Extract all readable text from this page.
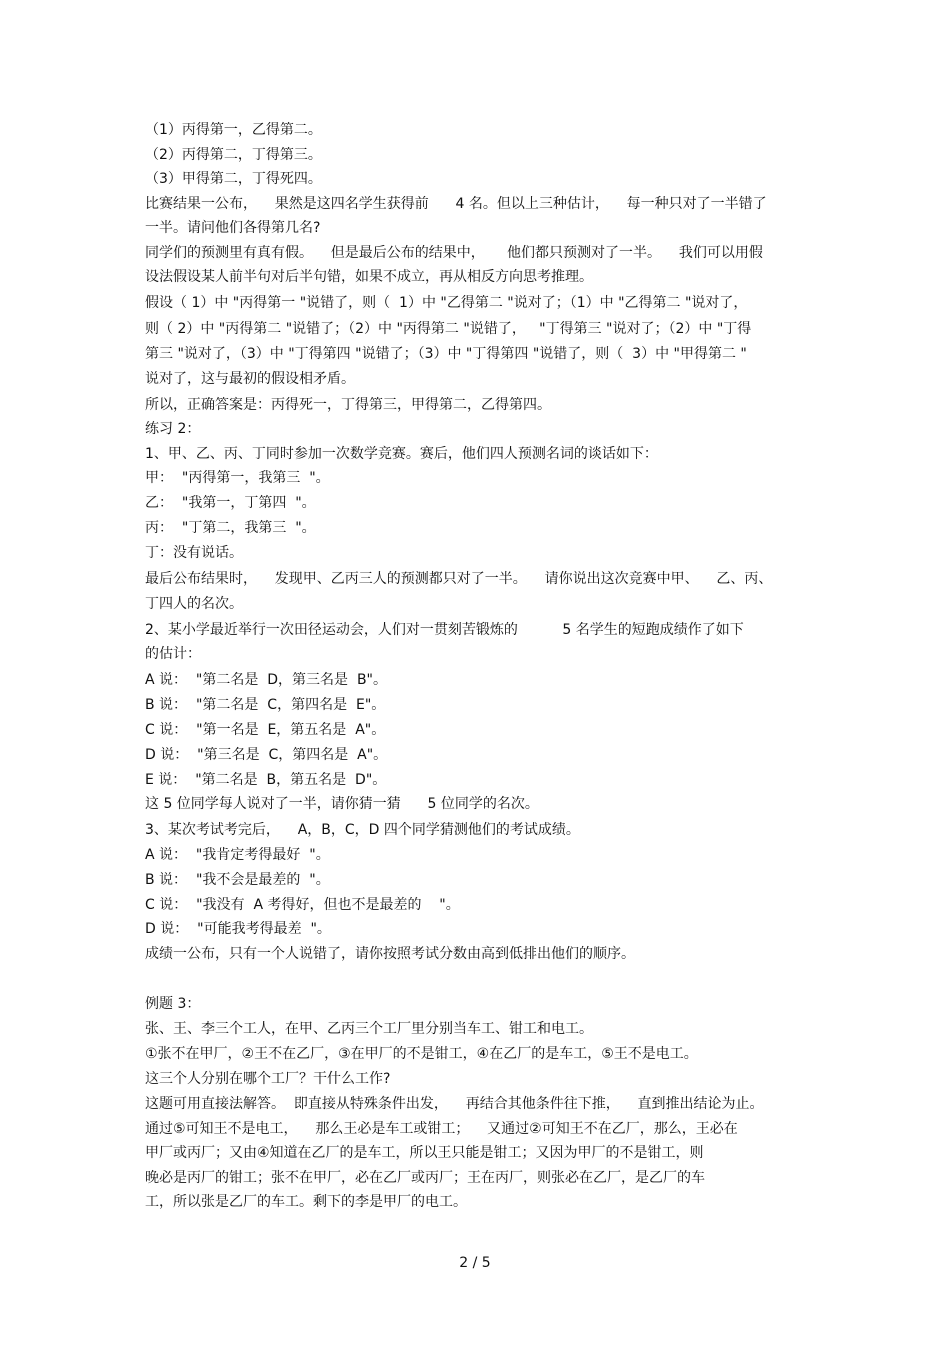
（1）丙得第一，乙得第二。
（2）丙得第二，丁得第三。
（3）甲得第二，丁得死四。
比赛结果一公布，    果然是这四名学生获得前      4 名。但以上三种估计，    每一种只对了一半错了
一半。请问他们各得第几名?
同学们的预测里有真有假。    但是最后公布的结果中，     他们都只预测对了一半。    我们可以用假
设法假设某人前半句对后半句错，如果不成立，再从相反方向思考推理。
假设（ 1）中 "丙得第一 "说错了，则（  1）中 "乙得第二 "说对了；（1）中 "乙得第二 "说对了，
则（ 2）中 "丙得第二 "说错了；（2）中 "丙得第二 "说错了，   "丁得第三 "说对了；（2）中 "丁得
第三 "说对了，（3）中 "丁得第四 "说错了；（3）中 "丁得第四 "说错了，则（  3）中 "甲得第二 "
说对了，这与最初的假设相矛盾。
所以，正确答案是：丙得死一，丁得第三，甲得第二，乙得第四。
练习 2：
1、甲、乙、丙、丁同时参加一次数学竞赛。赛后，他们四人预测名词的谈话如下：
甲：  "丙得第一，我第三  "。
乙：  "我第一，丁第四  "。
丙：  "丁第二，我第三  "。
丁：没有说话。
最后公布结果时，    发现甲、乙丙三人的预测都只对了一半。    请你说出这次竞赛中甲、    乙、丙、
丁四人的名次。
2、某小学最近举行一次田径运动会，人们对一贯刻苦锻炼的          5 名学生的短跑成绩作了如下
的估计：
A 说：  "第二名是  D，第三名是  B"。
B 说：  "第二名是  C，第四名是  E"。
C 说：  "第一名是  E，第五名是  A"。
D 说：  "第三名是  C，第四名是  A"。
E 说：  "第二名是  B，第五名是  D"。
这 5 位同学每人说对了一半，请你猜一猜      5 位同学的名次。
3、某次考试考完后，    A，B，C，D 四个同学猜测他们的考试成绩。
A 说：  "我肯定考得最好  "。
B 说：  "我不会是最差的  "。
C 说：  "我没有  A 考得好，但也不是最差的    "。
D 说：  "可能我考得最差  "。
成绩一公布，只有一个人说错了，请你按照考试分数由高到低排出他们的顺序。
例题 3：
张、王、李三个工人，在甲、乙丙三个工厂里分别当车工、钳工和电工。
①张不在甲厂，②王不在乙厂，③在甲厂的不是钳工，④在乙厂的是车工，⑤王不是电工。
这三个人分别在哪个工厂？干什么工作?
这题可用直接法解答。  即直接从特殊条件出发，    再结合其他条件往下推，    直到推出结论为止。
通过⑤可知王不是电工，    那么王必是车工或钳工；    又通过②可知王不在乙厂，那么，王必在
甲厂或丙厂；又由④知道在乙厂的是车工，所以王只能是钳工；又因为甲厂的不是钳工，则
晚必是丙厂的钳工；张不在甲厂，必在乙厂或丙厂；王在丙厂，则张必在乙厂，是乙厂的车
工，所以张是乙厂的车工。剩下的李是甲厂的电工。
2 / 5
